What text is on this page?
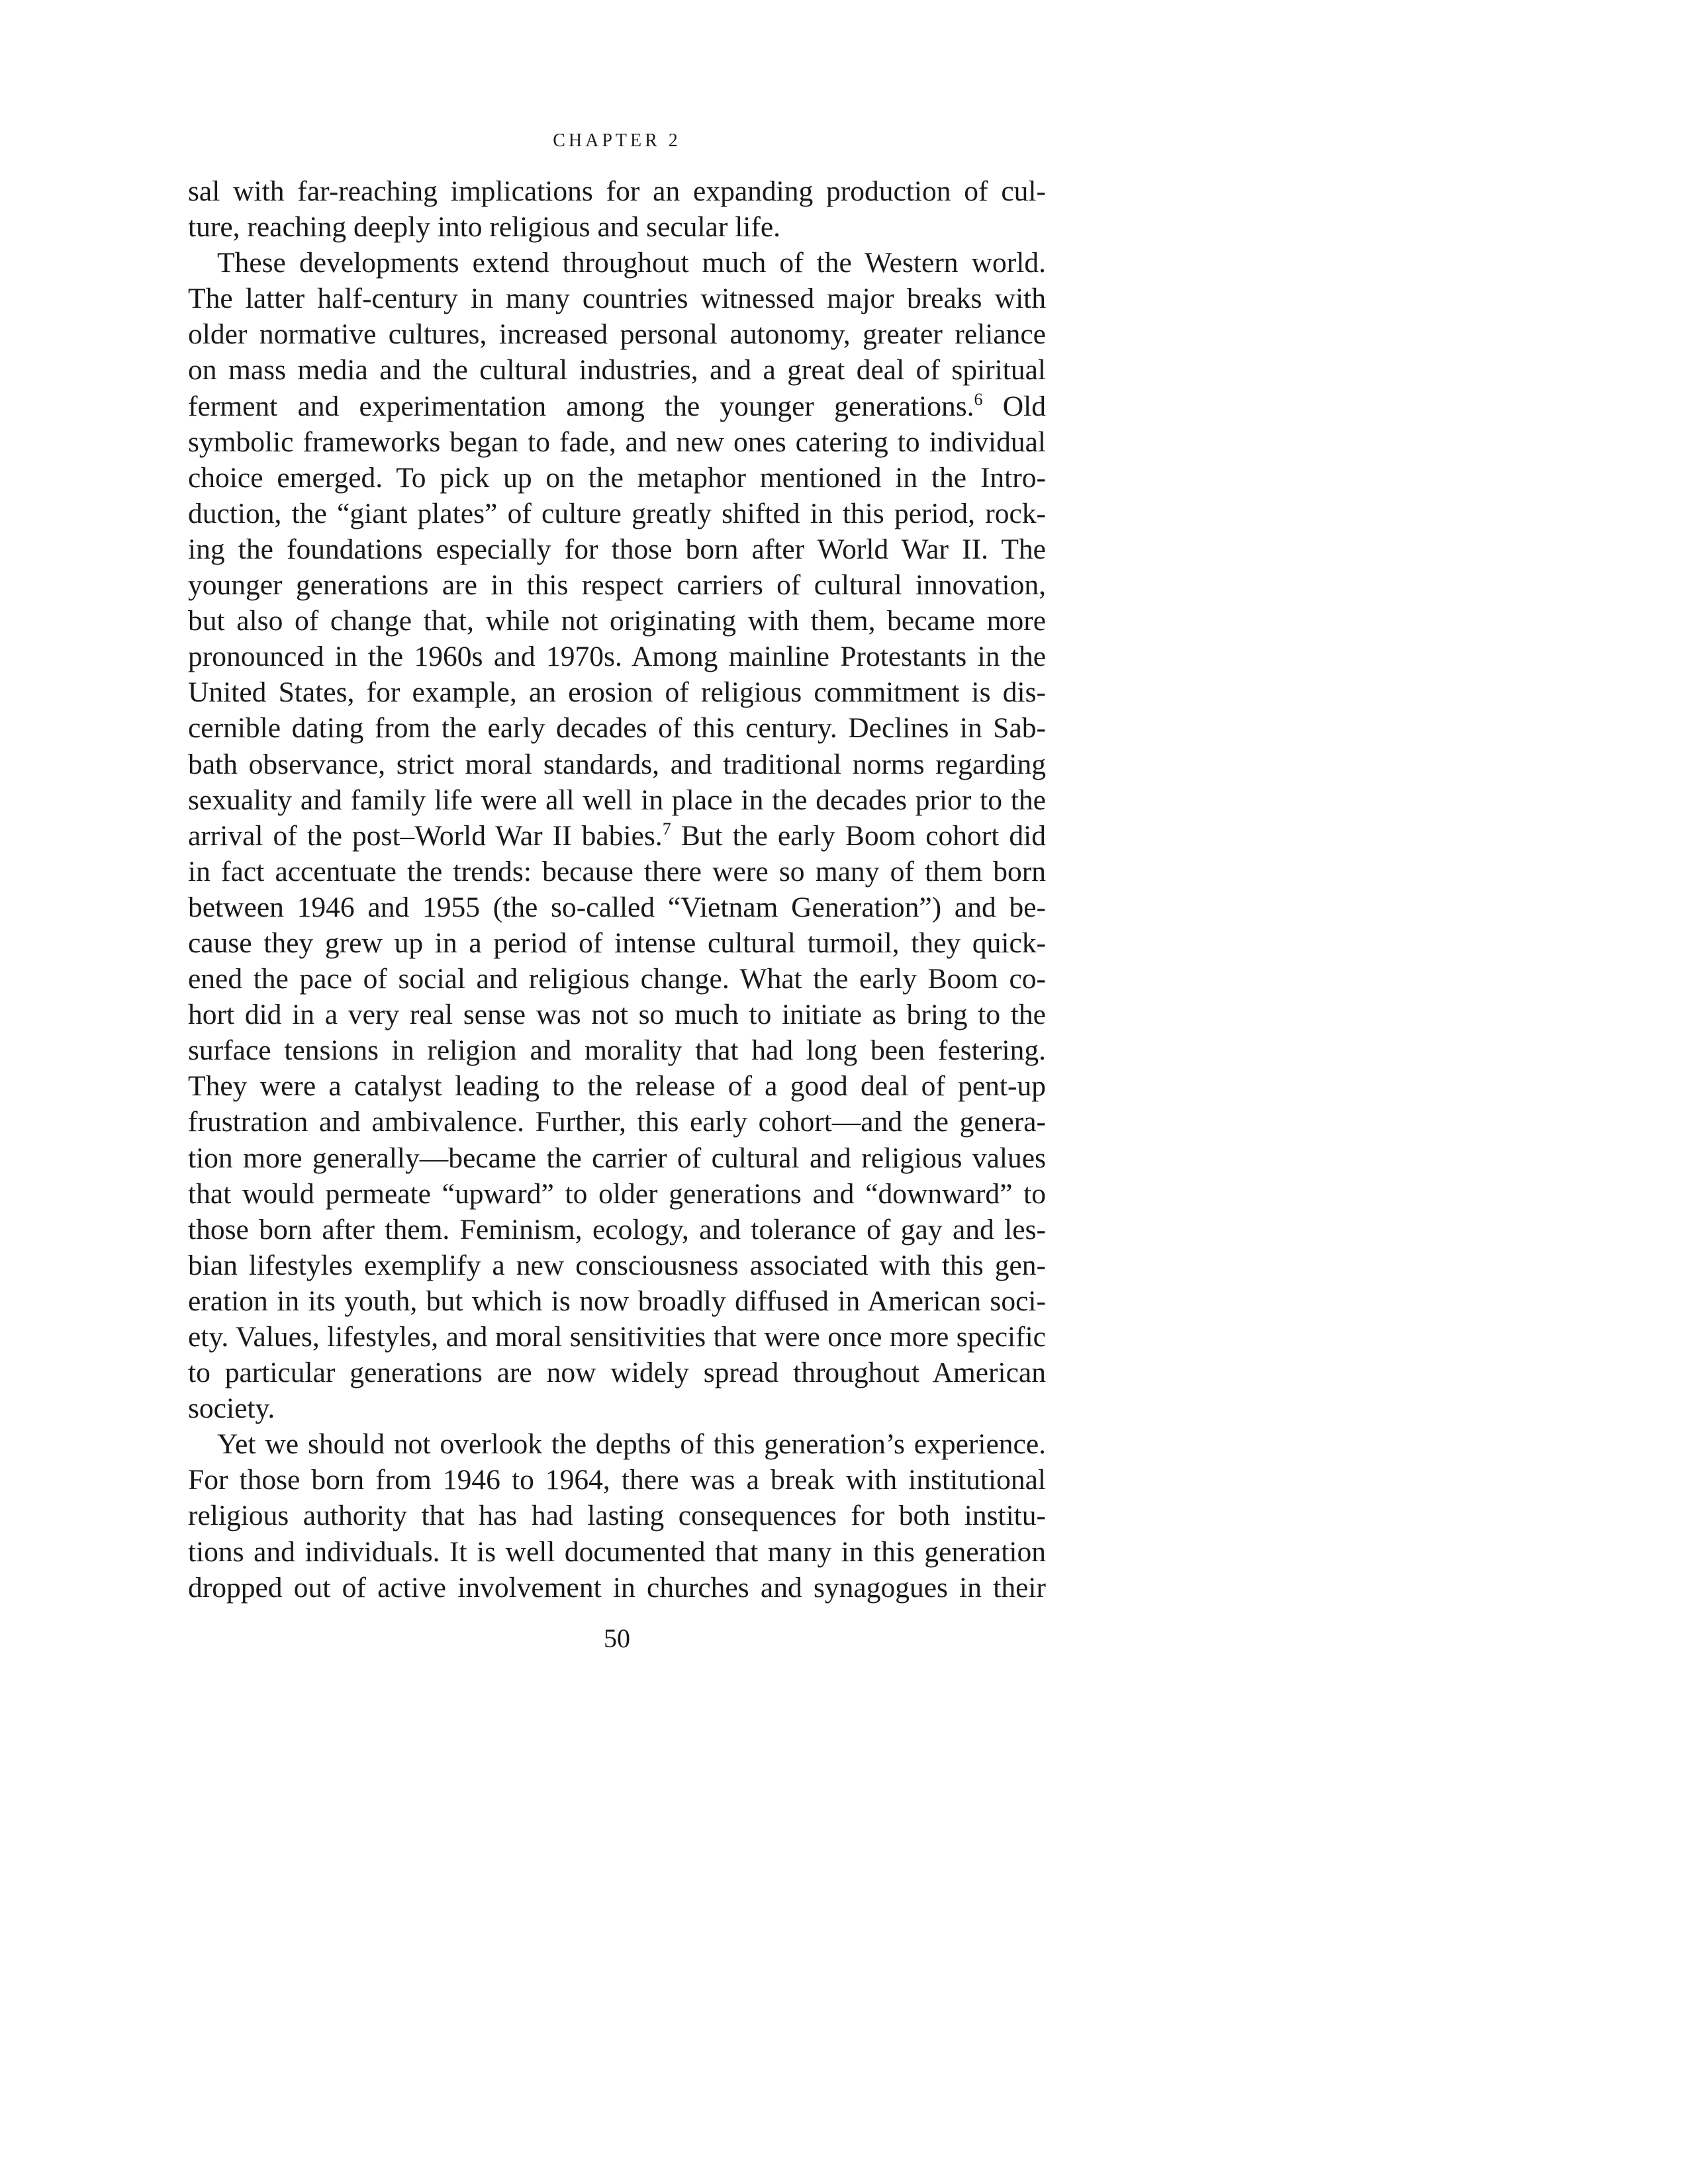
CHAPTER 2
sal with far-reaching implications for an expanding production of cul-
ture, reaching deeply into religious and secular life.
These developments extend throughout much of the Western world.
The latter half-century in many countries witnessed major breaks with
older normative cultures, increased personal autonomy, greater reliance
on mass media and the cultural industries, and a great deal of spiritual
ferment and experimentation among the younger generations.$^6$ Old
symbolic frameworks began to fade, and new ones catering to individual
choice emerged. To pick up on the metaphor mentioned in the Intro-
duction, the “giant plates” of culture greatly shifted in this period, rock-
ing the foundations especially for those born after World War II. The
younger generations are in this respect carriers of cultural innovation,
but also of change that, while not originating with them, became more
pronounced in the 1960s and 1970s. Among mainline Protestants in the
United States, for example, an erosion of religious commitment is dis-
cernible dating from the early decades of this century. Declines in Sab-
bath observance, strict moral standards, and traditional norms regarding
sexuality and family life were all well in place in the decades prior to the
arrival of the post–World War II babies.$^7$ But the early Boom cohort did
in fact accentuate the trends: because there were so many of them born
between 1946 and 1955 (the so-called “Vietnam Generation”) and be-
cause they grew up in a period of intense cultural turmoil, they quick-
ened the pace of social and religious change. What the early Boom co-
hort did in a very real sense was not so much to initiate as bring to the
surface tensions in religion and morality that had long been festering.
They were a catalyst leading to the release of a good deal of pent-up
frustration and ambivalence. Further, this early cohort—and the genera-
tion more generally—became the carrier of cultural and religious values
that would permeate “upward” to older generations and “downward” to
those born after them. Feminism, ecology, and tolerance of gay and les-
bian lifestyles exemplify a new consciousness associated with this gen-
eration in its youth, but which is now broadly diffused in American soci-
ety. Values, lifestyles, and moral sensitivities that were once more specific
to particular generations are now widely spread throughout American
society.
Yet we should not overlook the depths of this generation’s experience.
For those born from 1946 to 1964, there was a break with institutional
religious authority that has had lasting consequences for both institu-
tions and individuals. It is well documented that many in this generation
dropped out of active involvement in churches and synagogues in their
50
